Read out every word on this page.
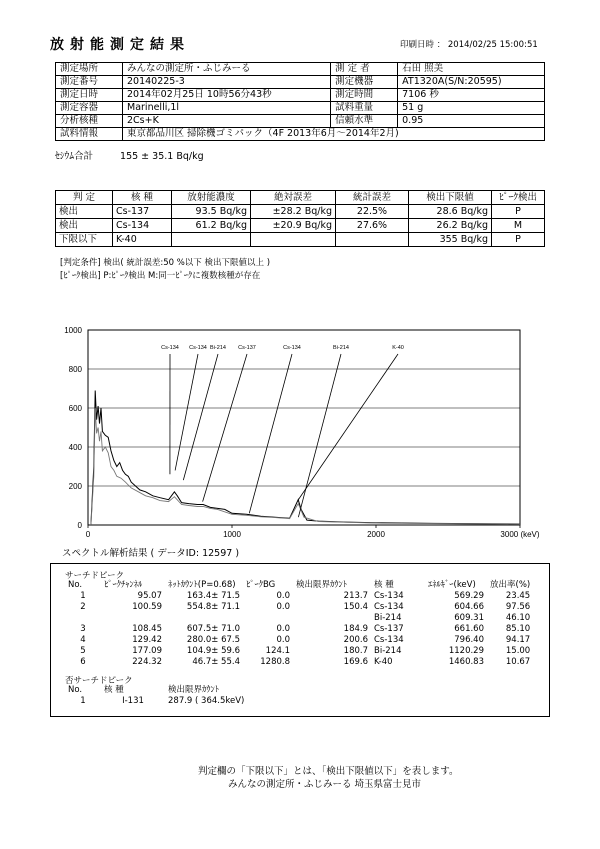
放射能測定結果	印刷日時 ： 2014/02/25 15:00:51
測定場所	みんなの測定所・ふじみーる	測 定 者	石田 照美
測定番号	20140225-3	測定機器	AT1320A(S/N:20595)
測定日時	2014年02月25日 10時56分43秒	測定時間	7106 秒
測定容器	Marinelli,1l	試料重量	51 g
分析核種	2Cs+K	信頼水準	0.95
試料情報	東京都品川区 掃除機ゴミパック（4F 2013年6月～2014年2月)		
ｾｼｳﾑ合計	155 ± 35.1 Bq/kg
判 定	核 種	放射能濃度	絶対誤差	統計誤差	検出下限値	ﾋﾟｰｸ検出
検出	Cs-137	93.5 Bq/kg	±28.2 Bq/kg	22.5%	28.6 Bq/kg	P
検出	Cs-134	61.2 Bq/kg	±20.9 Bq/kg	27.6%	26.2 Bq/kg	M
下限以下	K-40				355 Bq/kg	P
[判定条件] 検出( 統計誤差:50 %以下 検出下限値以上 )
[ﾋﾟｰｸ検出] P:ﾋﾟｰｸ検出 M:同一ﾋﾟｰｸに複数核種が存在
0
200
400
600
800
1000
0	1000	2000	3000 (keV)
Cs-134 Cs-134 Bi-214 Cs-137	Cs-134	Bi-214	K-40
スペクトル解析結果 ( データID: 12597 )
サーチドピーク
No.	ﾋﾟｰｸﾁｬﾝﾈﾙ	ﾈｯﾄｶｳﾝﾄ(P=0.68)	ﾋﾟｰｸBG	検出限界ｶｳﾝﾄ	核 種	ｴﾈﾙｷﾞｰ(keV)	放出率(%)
1	95.07	163.4± 71.5	0.0	213.7	Cs-134	569.29	23.45
2	100.59	554.8± 71.1	0.0	150.4	Cs-134	604.66	97.56
					Bi-214	609.31	46.10
3	108.45	607.5± 71.0	0.0	184.9	Cs-137	661.60	85.10
4	129.42	280.0± 67.5	0.0	200.6	Cs-134	796.40	94.17
5	177.09	104.9± 59.6	124.1	180.7	Bi-214	1120.29	15.00
6	224.32	46.7± 55.4	1280.8	169.6	K-40	1460.83	10.67
否サーチドピーク
No.	核 種	検出限界ｶｳﾝﾄ
1	I-131	287.9 ( 364.5keV)
判定欄の「下限以下」とは、「検出下限値以下」を表します。
みんなの測定所・ふじみーる 埼玉県富士見市
